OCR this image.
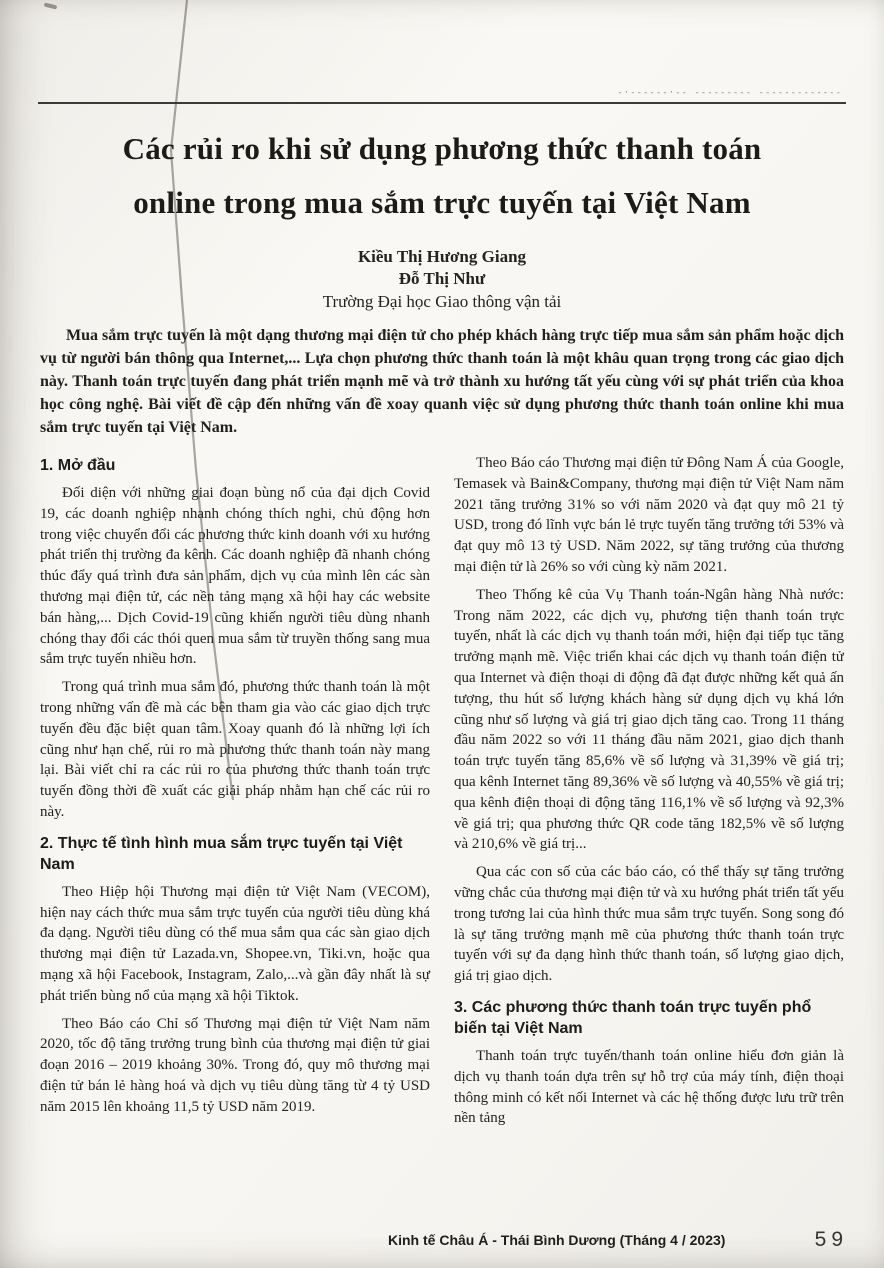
-·------·-- --------- -------------
Các rủi ro khi sử dụng phương thức thanh toán
online trong mua sắm trực tuyến tại Việt Nam
Kiều Thị Hương Giang
Đỗ Thị Như
Trường Đại học Giao thông vận tải

Mua sắm trực tuyến là một dạng thương mại điện tử cho phép khách hàng trực tiếp mua sắm sản phẩm hoặc dịch vụ từ người bán thông qua Internet,... Lựa chọn phương thức thanh toán là một khâu quan trọng trong các giao dịch này. Thanh toán trực tuyến đang phát triển mạnh mẽ và trở thành xu hướng tất yếu cùng với sự phát triển của khoa học công nghệ. Bài viết đề cập đến những vấn đề xoay quanh việc sử dụng phương thức thanh toán online khi mua sắm trực tuyến tại Việt Nam.

1. Mở đầu

Đối diện với những giai đoạn bùng nổ của đại dịch Covid 19, các doanh nghiệp nhanh chóng thích nghi, chủ động hơn trong việc chuyển đổi các phương thức kinh doanh với xu hướng phát triển thị trường đa kênh. Các doanh nghiệp đã nhanh chóng thúc đẩy quá trình đưa sản phẩm, dịch vụ của mình lên các sàn thương mại điện tử, các nền tảng mạng xã hội hay các website bán hàng,... Dịch Covid-19 cũng khiến người tiêu dùng nhanh chóng thay đổi các thói quen mua sắm từ truyền thống sang mua sắm trực tuyến nhiều hơn.

Trong quá trình mua sắm đó, phương thức thanh toán là một trong những vấn đề mà các bên tham gia vào các giao dịch trực tuyến đều đặc biệt quan tâm. Xoay quanh đó là những lợi ích cũng như hạn chế, rủi ro mà phương thức thanh toán này mang lại. Bài viết chỉ ra các rủi ro của phương thức thanh toán trực tuyến đồng thời đề xuất các giải pháp nhằm hạn chế các rủi ro này.

2. Thực tế tình hình mua sắm trực tuyến tại Việt Nam

Theo Hiệp hội Thương mại điện tử Việt Nam (VECOM), hiện nay cách thức mua sắm trực tuyến của người tiêu dùng khá đa dạng. Người tiêu dùng có thể mua sắm qua các sàn giao dịch thương mại điện tử Lazada.vn, Shopee.vn, Tiki.vn, hoặc qua mạng xã hội Facebook, Instagram, Zalo,...và gần đây nhất là sự phát triển bùng nổ của mạng xã hội Tiktok.

Theo Báo cáo Chỉ số Thương mại điện tử Việt Nam năm 2020, tốc độ tăng trưởng trung bình của thương mại điện tử giai đoạn 2016 – 2019 khoảng 30%. Trong đó, quy mô thương mại điện tử bán lẻ hàng hoá và dịch vụ tiêu dùng tăng từ 4 tỷ USD năm 2015 lên khoảng 11,5 tỷ USD năm 2019.

Theo Báo cáo Thương mại điện tử Đông Nam Á của Google, Temasek và Bain&Company, thương mại điện tử Việt Nam năm 2021 tăng trưởng 31% so với năm 2020 và đạt quy mô 21 tỷ USD, trong đó lĩnh vực bán lẻ trực tuyến tăng trưởng tới 53% và đạt quy mô 13 tỷ USD. Năm 2022, sự tăng trưởng của thương mại điện tử là 26% so với cùng kỳ năm 2021.

Theo Thống kê của Vụ Thanh toán-Ngân hàng Nhà nước: Trong năm 2022, các dịch vụ, phương tiện thanh toán trực tuyến, nhất là các dịch vụ thanh toán mới, hiện đại tiếp tục tăng trưởng mạnh mẽ. Việc triển khai các dịch vụ thanh toán điện tử qua Internet và điện thoại di động đã đạt được những kết quả ấn tượng, thu hút số lượng khách hàng sử dụng dịch vụ khá lớn cũng như số lượng và giá trị giao dịch tăng cao. Trong 11 tháng đầu năm 2022 so với 11 tháng đầu năm 2021, giao dịch thanh toán trực tuyến tăng 85,6% về số lượng và 31,39% về giá trị; qua kênh Internet tăng 89,36% về số lượng và 40,55% về giá trị; qua kênh điện thoại di động tăng 116,1% về số lượng và 92,3% về giá trị; qua phương thức QR code tăng 182,5% về số lượng và 210,6% về giá trị...

Qua các con số của các báo cáo, có thể thấy sự tăng trưởng vững chắc của thương mại điện tử và xu hướng phát triển tất yếu trong tương lai của hình thức mua sắm trực tuyến. Song song đó là sự tăng trưởng mạnh mẽ của phương thức thanh toán trực tuyến với sự đa dạng hình thức thanh toán, số lượng giao dịch, giá trị giao dịch.

3. Các phương thức thanh toán trực tuyến phổ biến tại Việt Nam

Thanh toán trực tuyến/thanh toán online hiểu đơn giản là dịch vụ thanh toán dựa trên sự hỗ trợ của máy tính, điện thoại thông minh có kết nối Internet và các hệ thống được lưu trữ trên nền tảng

Kinh tế Châu Á - Thái Bình Dương (Tháng 4 / 2023)	59
